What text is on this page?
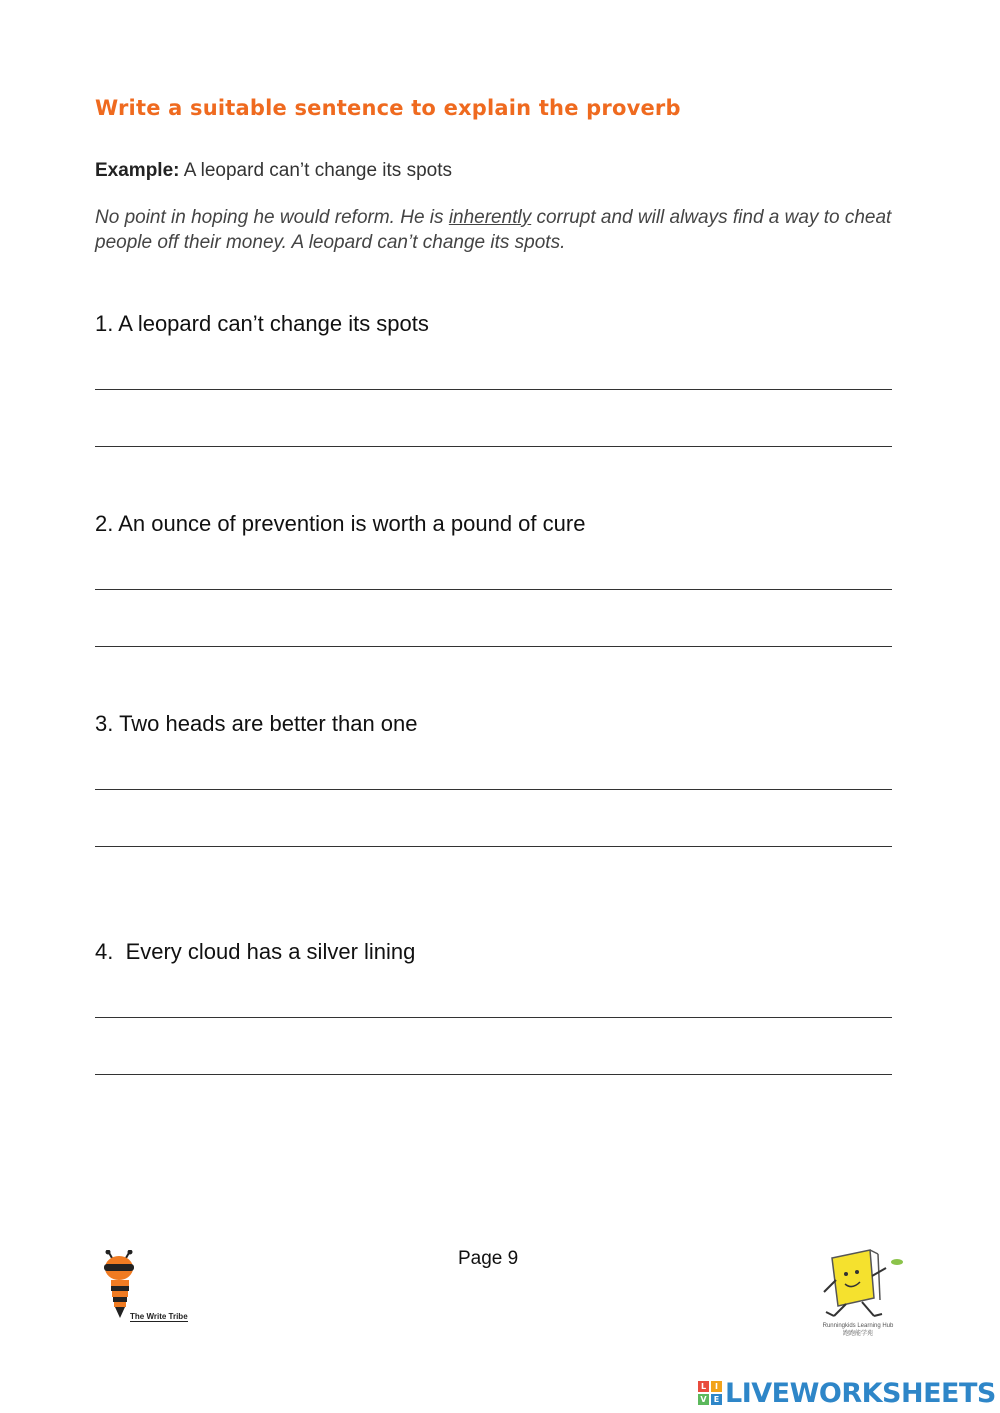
Write a suitable sentence to explain the proverb
Example: A leopard can’t change its spots
No point in hoping he would reform. He is inherently corrupt and will always find a way to cheat people off their money. A leopard can’t change its spots.
1. A leopard can’t change its spots
2. An ounce of prevention is worth a pound of cure
3. Two heads are better than one
4.  Every cloud has a silver lining
Page 9
The Write Tribe
Runningkids Learning Hub
跑跑能学苑
L	I
V E LIVEWORKSHEETS
